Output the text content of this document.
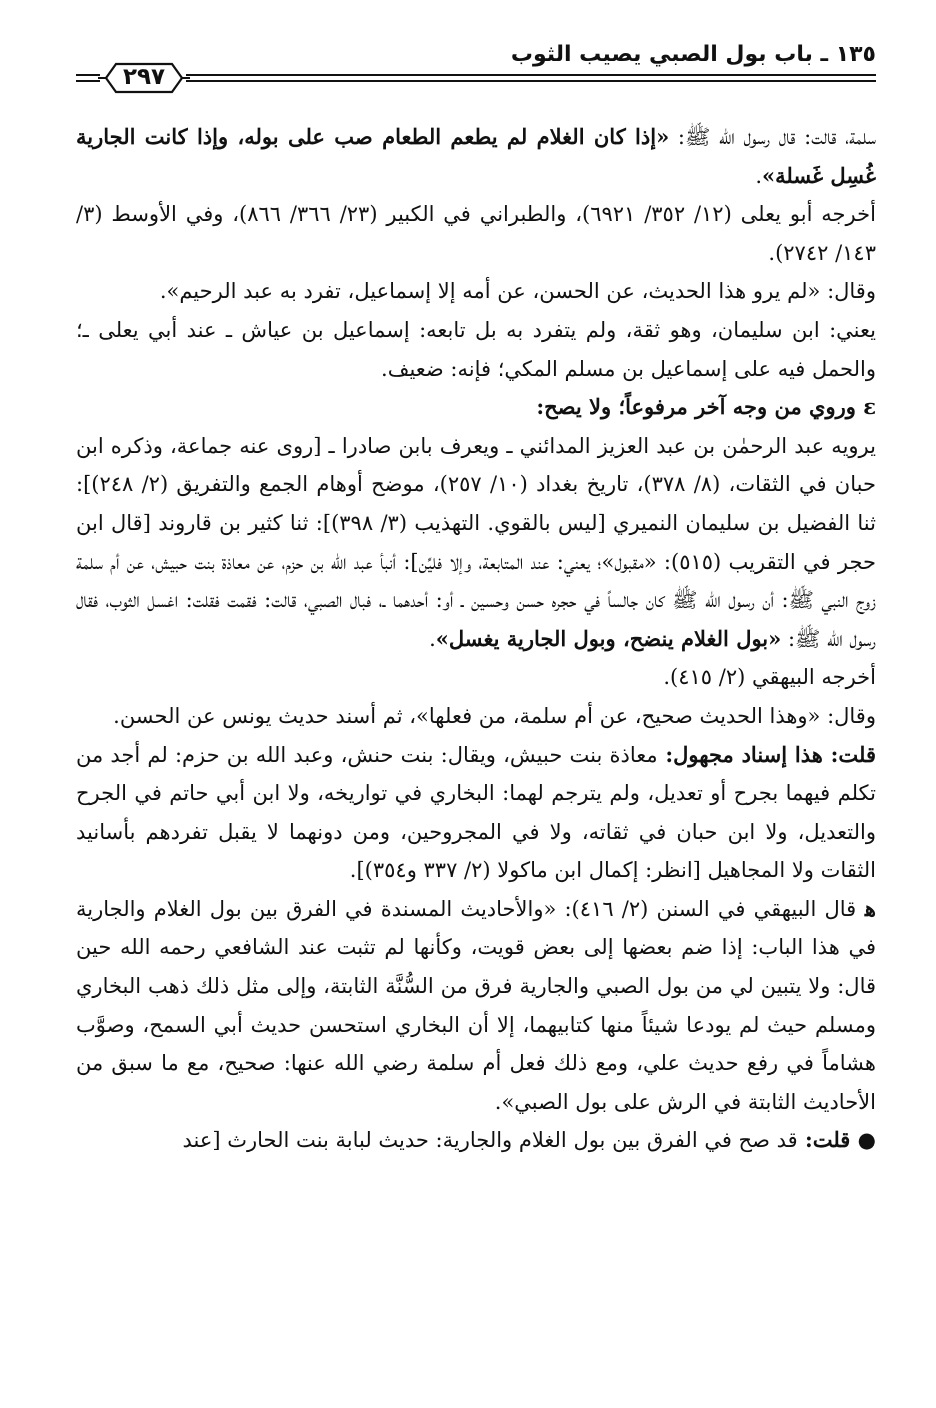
١٣٥ ـ باب بول الصبي يصيب الثوب
٢٩٧

سلمة، قالت: قال رسول الله ﷺ: «إذا كان الغلام لم يطعم الطعام صب على بوله، وإذا كانت الجارية غُسِل غَسلة».

أخرجه أبو يعلى (١٢/ ٣٥٢/ ٦٩٢١)، والطبراني في الكبير (٢٣/ ٣٦٦/ ٨٦٦)، وفي الأوسط (٣/ ١٤٣/ ٢٧٤٢).

وقال: «لم يرو هذا الحديث، عن الحسن، عن أمه إلا إسماعيل، تفرد به عبد الرحيم».

يعني: ابن سليمان، وهو ثقة، ولم يتفرد به بل تابعه: إسماعيل بن عياش ـ عند أبي يعلى ـ؛ والحمل فيه على إسماعيل بن مسلم المكي؛ فإنه: ضعيف.

ε وروي من وجه آخر مرفوعاً؛ ولا يصح:

يرويه عبد الرحمٰن بن عبد العزيز المدائني ـ ويعرف بابن صادرا ـ [روى عنه جماعة، وذكره ابن حبان في الثقات، (٨/ ٣٧٨)، تاريخ بغداد (١٠/ ٢٥٧)، موضح أوهام الجمع والتفريق (٢/ ٢٤٨)]: ثنا الفضيل بن سليمان النميري [ليس بالقوي. التهذيب (٣/ ٣٩٨)]: ثنا كثير بن قاروند [قال ابن حجر في التقريب (٥١٥): «مقبول»؛ يعني: عند المتابعة، وإلا فليِّن]: أنبأ عبد الله بن حزم، عن معاذة بنت حبيش، عن أم سلمة زوج النبي ﷺ: أن رسول الله ﷺ كان جالساً في حجره حسن وحسين ـ أو: أحدهما ـ، فبال الصبي، قالت: فقمت فقلت: اغسل الثوب، فقال رسول الله ﷺ: «بول الغلام ينضح، وبول الجارية يغسل».

أخرجه البيهقي (٢/ ٤١٥).

وقال: «وهذا الحديث صحيح، عن أم سلمة، من فعلها»، ثم أسند حديث يونس عن الحسن.

قلت: هذا إسناد مجهول: معاذة بنت حبيش، ويقال: بنت حنش، وعبد الله بن حزم: لم أجد من تكلم فيهما بجرح أو تعديل، ولم يترجم لهما: البخاري في تواريخه، ولا ابن أبي حاتم في الجرح والتعديل، ولا ابن حبان في ثقاته، ولا في المجروحين، ومن دونهما لا يقبل تفردهم بأسانيد الثقات ولا المجاهيل [انظر: إكمال ابن ماكولا (٢/ ٣٣٧ و٣٥٤)].

ﻫ قال البيهقي في السنن (٢/ ٤١٦): «والأحاديث المسندة في الفرق بين بول الغلام والجارية في هذا الباب: إذا ضم بعضها إلى بعض قويت، وكأنها لم تثبت عند الشافعي رحمه الله حين قال: ولا يتبين لي من بول الصبي والجارية فرق من السُّنَّة الثابتة، وإلى مثل ذلك ذهب البخاري ومسلم حيث لم يودعا شيئاً منها كتابيهما، إلا أن البخاري استحسن حديث أبي السمح، وصوَّب هشاماً في رفع حديث علي، ومع ذلك فعل أم سلمة رضي الله عنها: صحيح، مع ما سبق من الأحاديث الثابتة في الرش على بول الصبي».

● قلت: قد صح في الفرق بين بول الغلام والجارية: حديث لبابة بنت الحارث [عند
